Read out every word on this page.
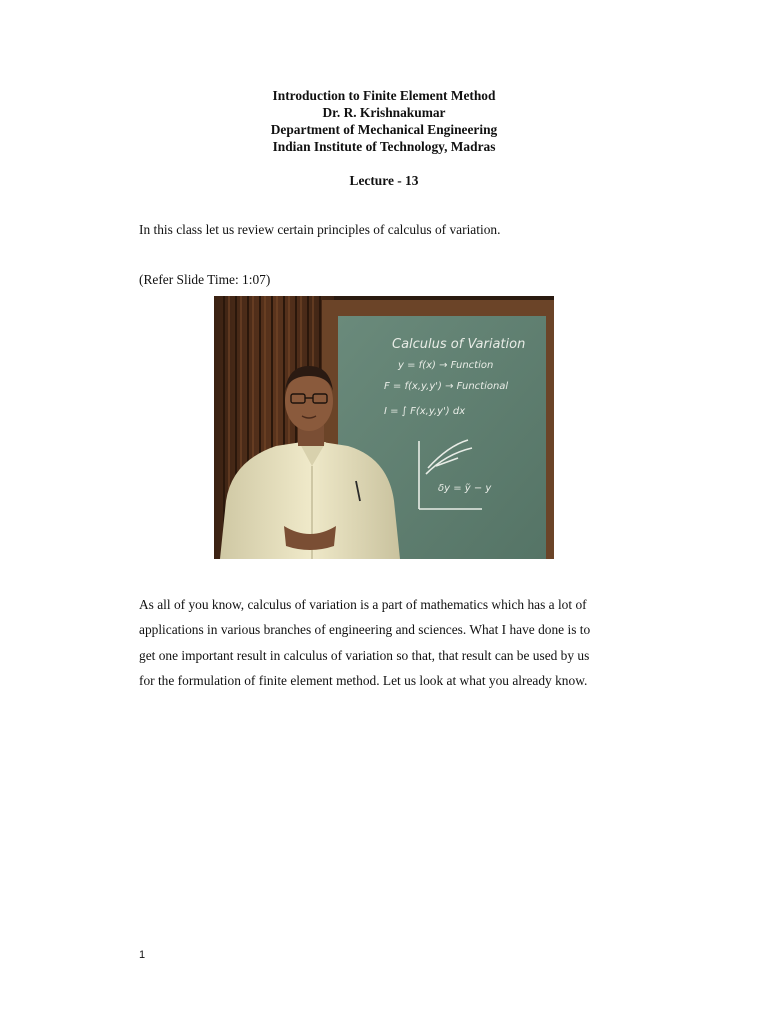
Introduction to Finite Element Method
Dr. R. Krishnakumar
Department of Mechanical Engineering
Indian Institute of Technology, Madras
Lecture - 13
In this class let us review certain principles of calculus of variation.
(Refer Slide Time: 1:07)
Calculus of Variation
y = f(x) → Function
F = f(x,y,y') → Functional
I = ∫ F(x,y,y') dx
δy = ỹ − y
As all of you know, calculus of variation is a part of mathematics which has a lot of
applications in various branches of engineering and sciences. What I have done is to
get one important result in calculus of variation so that, that result can be used by us
for the formulation of finite element method. Let us look at what you already know.
1
